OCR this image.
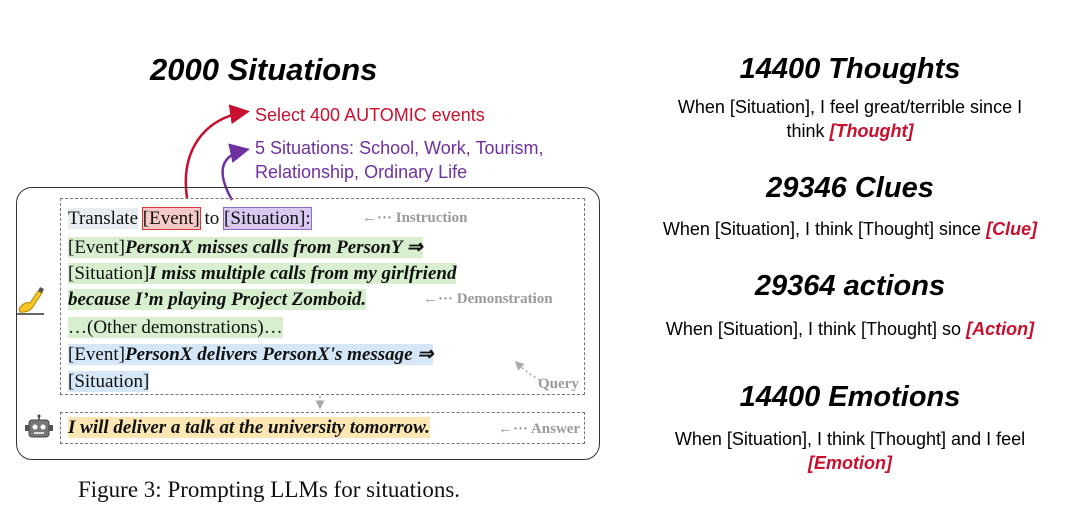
2000 Situations
Select 400 AUTOMIC events
5 Situations: School, Work, Tourism,
Relationship, Ordinary Life
Translate [Event] to [Situation]:	←··· Instruction
[Event]PersonX misses calls from PersonY ⇒
[Situation]I miss multiple calls from my girlfriend
because I’m playing Project Zomboid.	←··· Demonstration
…(Other demonstrations)…
[Event]PersonX delivers PersonX's message ⇒
[Situation]	Query
I will deliver a talk at the university tomorrow.	←··· Answer
Figure 3: Prompting LLMs for situations.
14400 Thoughts
When [Situation], I feel great/terrible since I
think [Thought]
29346 Clues
When [Situation], I think [Thought] since [Clue]
29364 actions
When [Situation], I think [Thought] so [Action]
14400 Emotions
When [Situation], I think [Thought] and I feel
[Emotion]
